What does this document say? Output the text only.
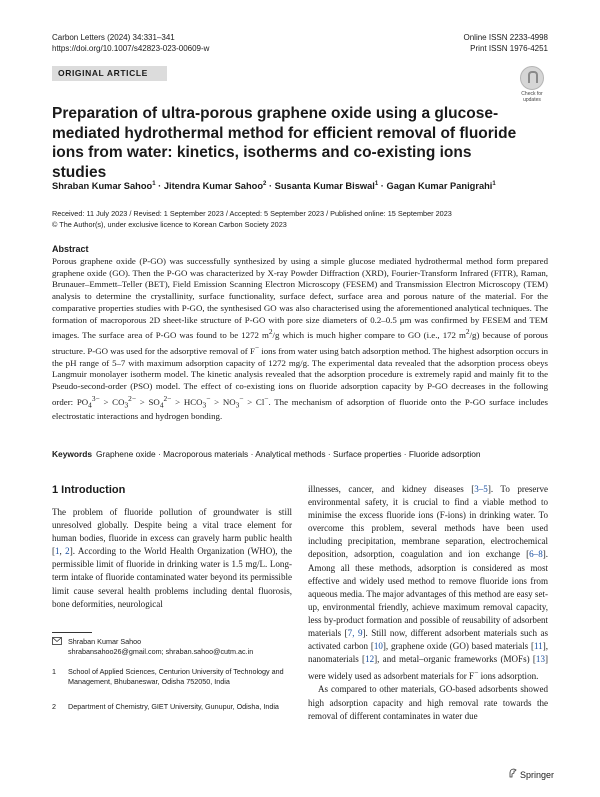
Carbon Letters (2024) 34:331–341
https://doi.org/10.1007/s42823-023-00609-w
Online ISSN 2233-4998
Print ISSN 1976-4251
ORIGINAL ARTICLE
Check for updates
Preparation of ultra-porous graphene oxide using a glucose-mediated hydrothermal method for efficient removal of fluoride ions from water: kinetics, isotherms and co-existing ions studies
Shraban Kumar Sahoo$^1$ · Jitendra Kumar Sahoo$^2$ · Susanta Kumar Biswal$^1$ · Gagan Kumar Panigrahi$^1$
Received: 11 July 2023 / Revised: 1 September 2023 / Accepted: 5 September 2023 / Published online: 15 September 2023
© The Author(s), under exclusive licence to Korean Carbon Society 2023
Abstract
Porous graphene oxide (P-GO) was successfully synthesized by using a simple glucose mediated hydrothermal method form prepared graphene oxide (GO). Then the P-GO was characterized by X-ray Powder Diffraction (XRD), Fourier-Transform Infrared (FITR), Raman, Brunauer–Emmett–Teller (BET), Field Emission Scanning Electron Microscopy (FESEM) and Transmission Electron Microscopy (TEM) analysis to determine the crystallinity, surface functionality, surface defect, surface area and porous nature of the material. For the comparative properties studies with P-GO, the synthesised GO was also characterised using the aforementioned analytical techniques. The formation of macroporous 2D sheet-like structure of P-GO with pore size diameters of 0.2–0.5 μm was confirmed by FESEM and TEM images. The surface area of P-GO was found to be 1272 $m^2/g$ which is much higher compare to GO (i.e., 172 $m^2/g$) because of porous structure. P-GO was used for the adsorptive removal of F− ions from water using batch adsorption method. The highest adsorption occurs in the pH range of 5–7 with maximum adsorption capacity of 1272 mg/g. The experimental data revealed that the adsorption process obeys Langmuir monolayer isotherm model. The kinetic analysis revealed that the adsorption procedure is extremely rapid and mainly fit to the Pseudo-second-order (PSO) model. The effect of co-existing ions on fluoride adsorption capacity by P-GO decreases in the following order: $PO_4^{3-} > CO_3^{2-} > SO_4^{2-} > HCO_3^- > NO_3^- > Cl^-$. The mechanism of adsorption of fluoride onto the P-GO surface includes electrostatic interactions and hydrogen bonding.
Keywords Graphene oxide · Macroporous materials · Analytical methods · Surface properties · Fluoride adsorption
1 Introduction

The problem of fluoride pollution of groundwater is still unresolved globally. Despite being a vital trace element for human bodies, fluoride in excess can gravely harm public health [1, 2]. According to the World Health Organization (WHO), the permissible limit of fluoride in drinking water is 1.5 mg/L. Long-term intake of fluoride contaminated water beyond its permissible limit cause several health problems including dental fluorosis, bone deformities, neurological

illnesses, cancer, and kidney diseases [3–5]. To preserve environmental safety, it is crucial to find a viable method to minimise the excess fluoride ions (F-ions) in drinking water. To overcome this problem, several methods have been used including precipitation, membrane separation, electrochemical deposition, adsorption, coagulation and ion exchange [6–8]. Among all these methods, adsorption is considered as most effective and widely used method to remove fluoride ions from aqueous media. The major advantages of this method are easy set-up, environmental friendly, achieve maximum removal capacity, less by-product formation and possible of reusability of adsorbent materials [7, 9]. Still now, different adsorbent materials such as activated carbon [10], graphene oxide (GO) based materials [11], nanomaterials [12], and metal–organic frameworks (MOFs) [13] were widely used as adsorbent materials for F− ions adsorption.

As compared to other materials, GO-based adsorbents showed high adsorption capacity and high removal rate towards the removal of different contaminates in water due

Shraban Kumar Sahoo
shrabansahoo26@gmail.com; shraban.sahoo@cutm.ac.in
1	School of Applied Sciences, Centurion University of Technology and Management, Bhubaneswar, Odisha 752050, India
2	Department of Chemistry, GIET University, Gunupur, Odisha, India
Springer
